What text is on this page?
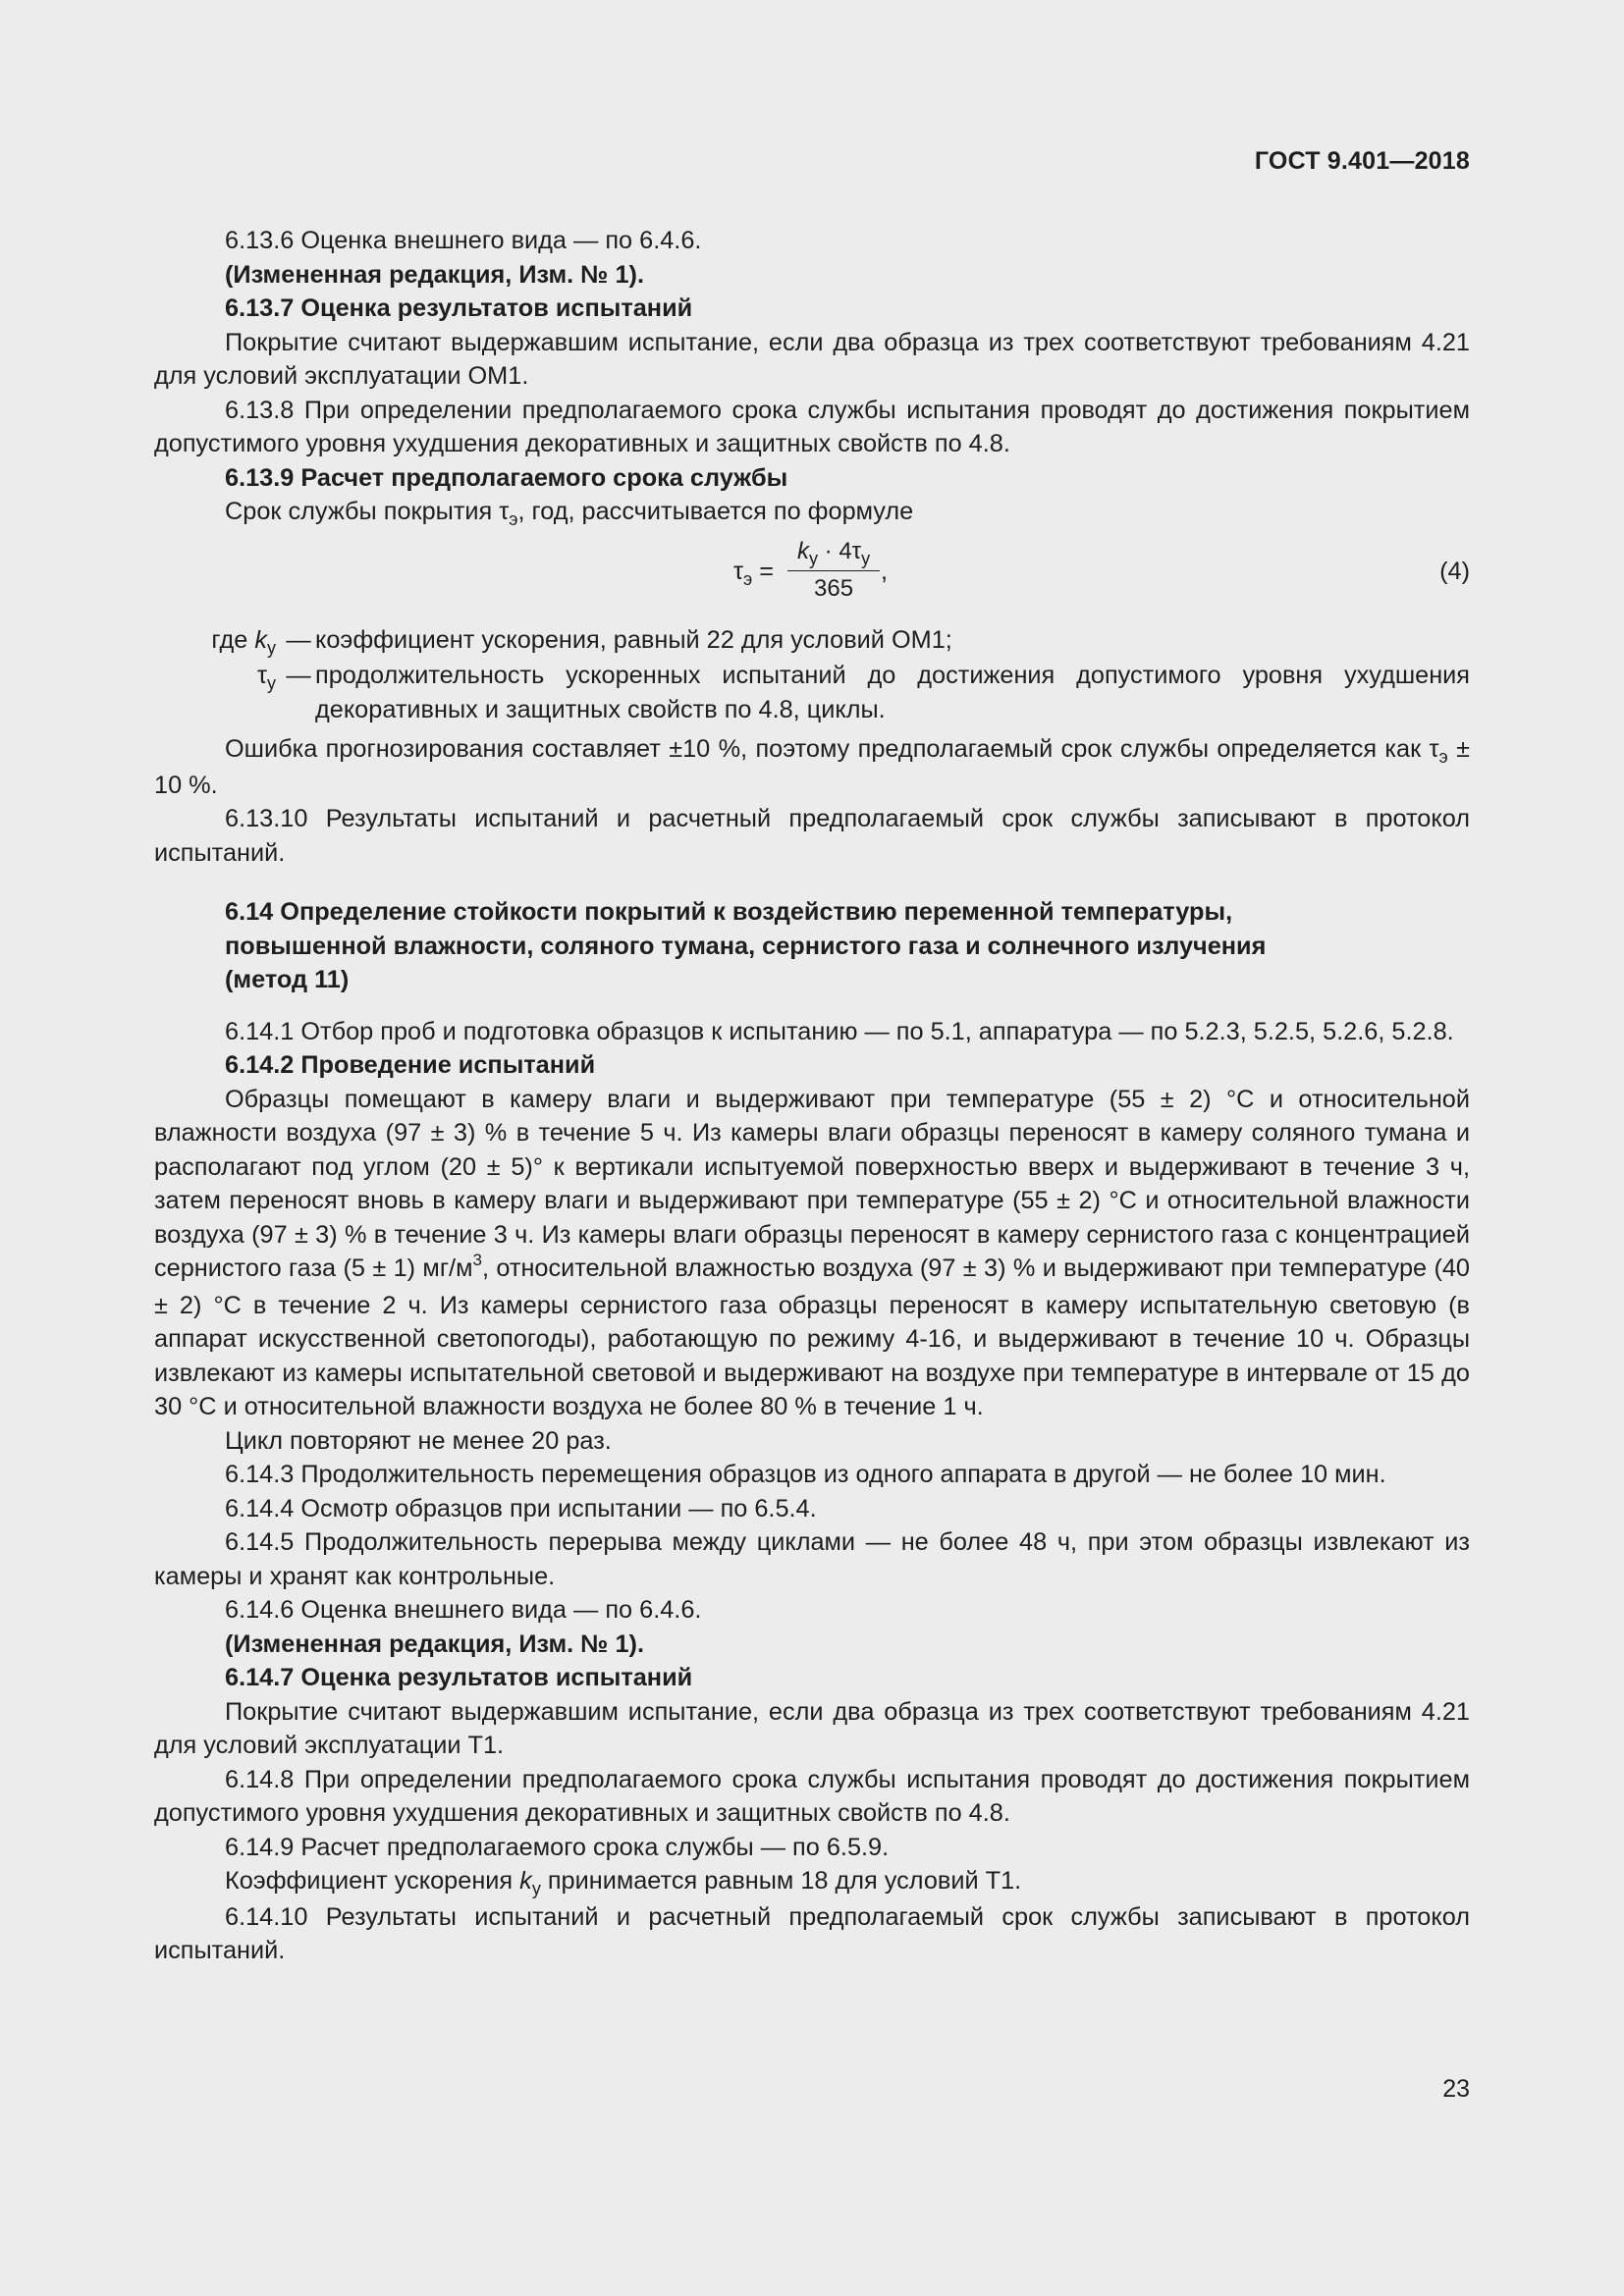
ГОСТ 9.401—2018

6.13.6 Оценка внешнего вида — по 6.4.6.

(Измененная редакция, Изм. № 1).

6.13.7 Оценка результатов испытаний

Покрытие считают выдержавшим испытание, если два образца из трех соответствуют требованиям 4.21 для условий эксплуатации ОМ1.

6.13.8 При определении предполагаемого срока службы испытания проводят до достижения покрытием допустимого уровня ухудшения декоративных и защитных свойств по 4.8.

6.13.9 Расчет предполагаемого срока службы

Срок службы покрытия $\tau_э$, год, рассчитывается по формуле

$\tau_э$ =
$k_у \cdot 4\tau_у$
365
,	(4)
где $k_у$ — коэффициент ускорения, равный 22 для условий ОМ1;
$\tau_у$ — продолжительность ускоренных испытаний до достижения допустимого уровня ухудшения декоративных и защитных свойств по 4.8, циклы.

Ошибка прогнозирования составляет ±10 %, поэтому предполагаемый срок службы определяется как $\tau_э \pm 10$ %.

6.13.10 Результаты испытаний и расчетный предполагаемый срок службы записывают в протокол испытаний.

6.14 Определение стойкости покрытий к воздействию переменной температуры,
повышенной влажности, соляного тумана, сернистого газа и солнечного излучения
(метод 11)

6.14.1 Отбор проб и подготовка образцов к испытанию — по 5.1, аппаратура — по 5.2.3, 5.2.5, 5.2.6, 5.2.8.

6.14.2 Проведение испытаний

Образцы помещают в камеру влаги и выдерживают при температуре (55 ± 2) °С и относительной влажности воздуха (97 ± 3) % в течение 5 ч. Из камеры влаги образцы переносят в камеру соляного тумана и располагают под углом (20 ± 5)° к вертикали испытуемой поверхностью вверх и выдерживают в течение 3 ч, затем переносят вновь в камеру влаги и выдерживают при температуре (55 ± 2) °С и относительной влажности воздуха (97 ± 3) % в течение 3 ч. Из камеры влаги образцы переносят в камеру сернистого газа с концентрацией сернистого газа (5 ± 1) $мг/м^3$, относительной влажностью воздуха (97 ± 3) % и выдерживают при температуре (40 ± 2) °С в течение 2 ч. Из камеры сернистого газа образцы переносят в камеру испытательную световую (в аппарат искусственной светопогоды), работающую по режиму 4-16, и выдерживают в течение 10 ч. Образцы извлекают из камеры испытательной световой и выдерживают на воздухе при температуре в интервале от 15 до 30 °С и относительной влажности воздуха не более 80 % в течение 1 ч.

Цикл повторяют не менее 20 раз.

6.14.3 Продолжительность перемещения образцов из одного аппарата в другой — не более 10 мин.

6.14.4 Осмотр образцов при испытании — по 6.5.4.

6.14.5 Продолжительность перерыва между циклами — не более 48 ч, при этом образцы извлекают из камеры и хранят как контрольные.

6.14.6 Оценка внешнего вида — по 6.4.6.

(Измененная редакция, Изм. № 1).

6.14.7 Оценка результатов испытаний

Покрытие считают выдержавшим испытание, если два образца из трех соответствуют требованиям 4.21 для условий эксплуатации Т1.

6.14.8 При определении предполагаемого срока службы испытания проводят до достижения покрытием допустимого уровня ухудшения декоративных и защитных свойств по 4.8.

6.14.9 Расчет предполагаемого срока службы — по 6.5.9.

Коэффициент ускорения $k_у$ принимается равным 18 для условий Т1.

6.14.10 Результаты испытаний и расчетный предполагаемый срок службы записывают в протокол испытаний.

23
